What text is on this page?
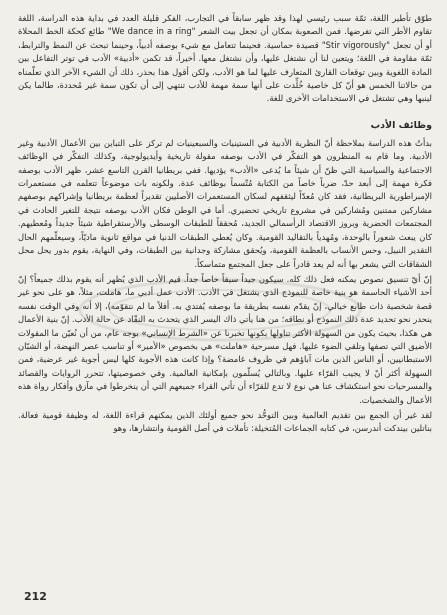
طوّق تأطير اللغة، ثمّة سبب رئيسي لهذا وقد ظهر سابقاً في التجارب، الفكر قليلة العدد في بداية هذه الدراسة، اللغة تقاوم الأطر التي تفرضها. فمن الصعوبة بمكان أن تجعل بيت الشعر "We dance in a ring" طائع كحكة الخط المحلاة أو أن تجعل "Stir vigorously" قصيدة حماسية. فحينما تتعامل مع شيء بوصفه أدبياً، وحينما تبحث عن النمط والترابط، ثمّة مقاومة في اللغة؛ ويتعين لنا أن نشتغل عليها، وأن نشتغل معها. أخيراً، قد تكمن «أدبية» الأدب في توتر التفاعل بين المادة اللغوية وبين توقعات القارئ المتعارف عليها لما هو الأدب. ولكن أقول هذا بحذر، ذلك أن الشيء الآخر الذي تعلّمناه من حالاتنا الخمس هو أنّ كل خاصية خُلِّدت على أنها سمة مهمة للأدب تنتهي إلى أن تكون سمة غير مُحددة، طالما يكن لينبها وهي تشتغل في الاستخدامات الأخرى للغة.

وظائف الأدب

بدأتُ هذه الدراسة بملاحظة أنّ النظرية الأدبية في الستينيات والسبعينيات لم تركز على التباين بين الأعمال الأدبية وغير الأدبية. وما قام به المنظرون هو التفكّر في الأدب بوصفه مقولة تاريخية وأيديولوجية، وكذلك التفكّر في الوظائف الاجتماعية والسياسية التي ظنّ أن شيئاً ما يُدعى «الأدب» يؤديها. ففي بريطانيا القرن التاسع عشر، ظهر الأدب بوصفه فكرة مهمة إلى أبعد حدّ، ضرباً خاصاً من الكتابة مُتّسماً بوظائف عدة. ولكونه بات موضوعاً تتعلمه في مستعمرات الإمبراطورية البريطانية، فقد كان مُعدّاً ليثقفهم لسكان المستعمرات الأصليين تقديراً لعظمة بريطانيا وإشراكهم بوصفهم مشاركين ممتنين ومُشاركين في مشروع تاريخي تحضيري. أما في الوطن فكان الأدب بوصفه نتيجة للتغير الحادث في المجتمعات الحضرية وبروز الاقتصاد الرأسمالي الجديد، مُحققاً للطبقات الوسطى والأرستقراطية شيئاً جديداً ومُعطيهم. كان يبعث شعوراً بالوحدة، ومُهدياً بالتقاليد القومية. وكان يُعطي الطبقات الدنيا في مواقع ثانوية ماديّاً، وسيعلّمهم الحال التقدير النبيل، وحس الأنساب بالعظمة القومية، ويُحقق مشاركة وجدانية بين الطبقات، وفي النهاية، يقوم بدور يحل محل الشقاقات التي يشعر بها أنه لم يعد قادراً على جعل المجتمع متماسكاً.

إنّ أيّ تنسيق نصوص يمكنه فعل ذلك كله. سيكون جيداً سيقاً خاصاً جداً. قيم الأدب الذي يُظهر أنه يقوم بذلك جميعاً؟ إنّ أحد الأشياء الحاسمة هو بنية خاصة للنموذج الذي يشتغل في الأدب. الأدب عمل أدبي ما، هاملت، مثلاً، هو على نحو غير قصة شخصية ذات طابع خيالي، إنّ يقدّم نفسه بطريقة ما بوصفه يُفتدي به. أفلاً ما لم نتقوّمه)، إلا أنه وفي الوقت نفسه ينحدر نحو تحديد عدة ذلك النموذج أو نطاقه؛ من هنا يأتي ذاك اليسر الذي يتحدث به النقّاد عن حالة الأدب. إنّ بنية الأعمال هي هكذا، بحيث يكون من السهولة الأكثر تناولها بكونها تخبرنا عن «الشرط الإنساني» بوجه عام، من أن نُعيّن ما المقولات الأضيق التي تصفها وتلقي الضوء عليها. فهل مسرحية «هاملت» هي بخصوص «الأمير» أو تناسب عصر النهضة، أو الشبّان الاستبطانيين، أو الناس الذين مات آباؤهم في ظروف غامضة؟ وإذا كانت هذه الأجوبة كلها ليس أجوبة غير عرضية، فمن السهولة أكثر أنْ لا يجيب القرّاء عليها. وبالتالي يُسلّمون بإمكانية العالمية. وفي خصوصيتها، تتحرر الروايات والقصائد والمسرحيات نحو استكشاف عنا هي نوع لا تدع للقرّاء أن تأتي القراء جميعهم التي أن ينخرطوا في مآزق وأفكار رواة هذه الأعمال والشخصيات.

لقد غير أن الجمع بين تقديم العالمية وبين التوحُّد نحو جميع أولئك الذين يمكنهم قراءة اللغة، له وظيفة قومية فعالة. بناتلين بيندكت أندرسن، في كتابه الجماعات المُتخيلة: تأملات في أصل القومية وانتشارها، وهو

212
